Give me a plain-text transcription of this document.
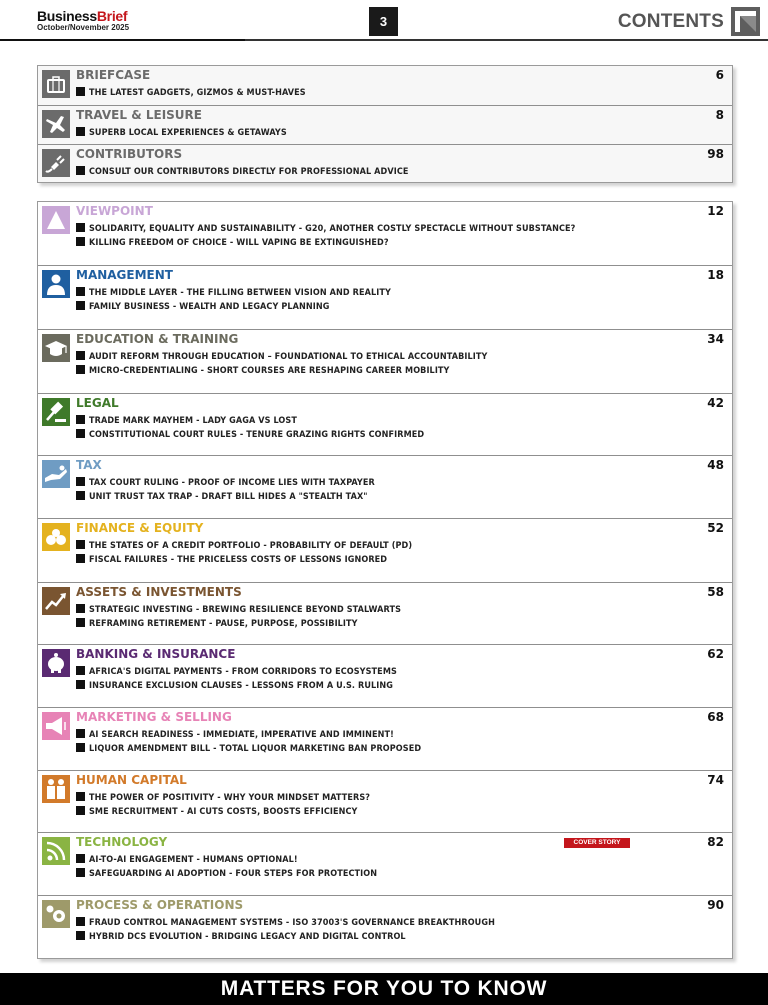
BusinessBrief
October/November 2025	3	CONTENTS
BRIEFCASE	6
THE LATEST GADGETS, GIZMOS & MUST-HAVES
TRAVEL & LEISURE	8
SUPERB LOCAL EXPERIENCES & GETAWAYS
CONTRIBUTORS	98
CONSULT OUR CONTRIBUTORS DIRECTLY FOR PROFESSIONAL ADVICE
VIEWPOINT	12
SOLIDARITY, EQUALITY AND SUSTAINABILITY - G20, ANOTHER COSTLY SPECTACLE WITHOUT SUBSTANCE?
KILLING FREEDOM OF CHOICE - WILL VAPING BE EXTINGUISHED?
MANAGEMENT	18
THE MIDDLE LAYER - THE FILLING BETWEEN VISION AND REALITY
FAMILY BUSINESS - WEALTH AND LEGACY PLANNING
EDUCATION & TRAINING	34
AUDIT REFORM THROUGH EDUCATION – FOUNDATIONAL TO ETHICAL ACCOUNTABILITY
MICRO-CREDENTIALING - SHORT COURSES ARE RESHAPING CAREER MOBILITY
LEGAL	42
TRADE MARK MAYHEM - LADY GAGA VS LOST
CONSTITUTIONAL COURT RULES - TENURE GRAZING RIGHTS CONFIRMED
TAX	48
TAX COURT RULING - PROOF OF INCOME LIES WITH TAXPAYER
UNIT TRUST TAX TRAP - DRAFT BILL HIDES A "STEALTH TAX"
FINANCE & EQUITY	52
THE STATES OF A CREDIT PORTFOLIO - PROBABILITY OF DEFAULT (PD)
FISCAL FAILURES - THE PRICELESS COSTS OF LESSONS IGNORED
ASSETS & INVESTMENTS	58
STRATEGIC INVESTING - BREWING RESILIENCE BEYOND STALWARTS
REFRAMING RETIREMENT - PAUSE, PURPOSE, POSSIBILITY
BANKING & INSURANCE	62
AFRICA'S DIGITAL PAYMENTS - FROM CORRIDORS TO ECOSYSTEMS
INSURANCE EXCLUSION CLAUSES - LESSONS FROM A U.S. RULING
MARKETING & SELLING	68
AI SEARCH READINESS - IMMEDIATE, IMPERATIVE AND IMMINENT!
LIQUOR AMENDMENT BILL - TOTAL LIQUOR MARKETING BAN PROPOSED
HUMAN CAPITAL	74
THE POWER OF POSITIVITY - WHY YOUR MINDSET MATTERS?
SME RECRUITMENT - AI CUTS COSTS, BOOSTS EFFICIENCY
TECHNOLOGY	82
COVER STORY
AI-TO-AI ENGAGEMENT - HUMANS OPTIONAL!
SAFEGUARDING AI ADOPTION - FOUR STEPS FOR PROTECTION
PROCESS & OPERATIONS	90
FRAUD CONTROL MANAGEMENT SYSTEMS - ISO 37003'S GOVERNANCE BREAKTHROUGH
HYBRID DCS EVOLUTION - BRIDGING LEGACY AND DIGITAL CONTROL
MATTERS FOR YOU TO KNOW
